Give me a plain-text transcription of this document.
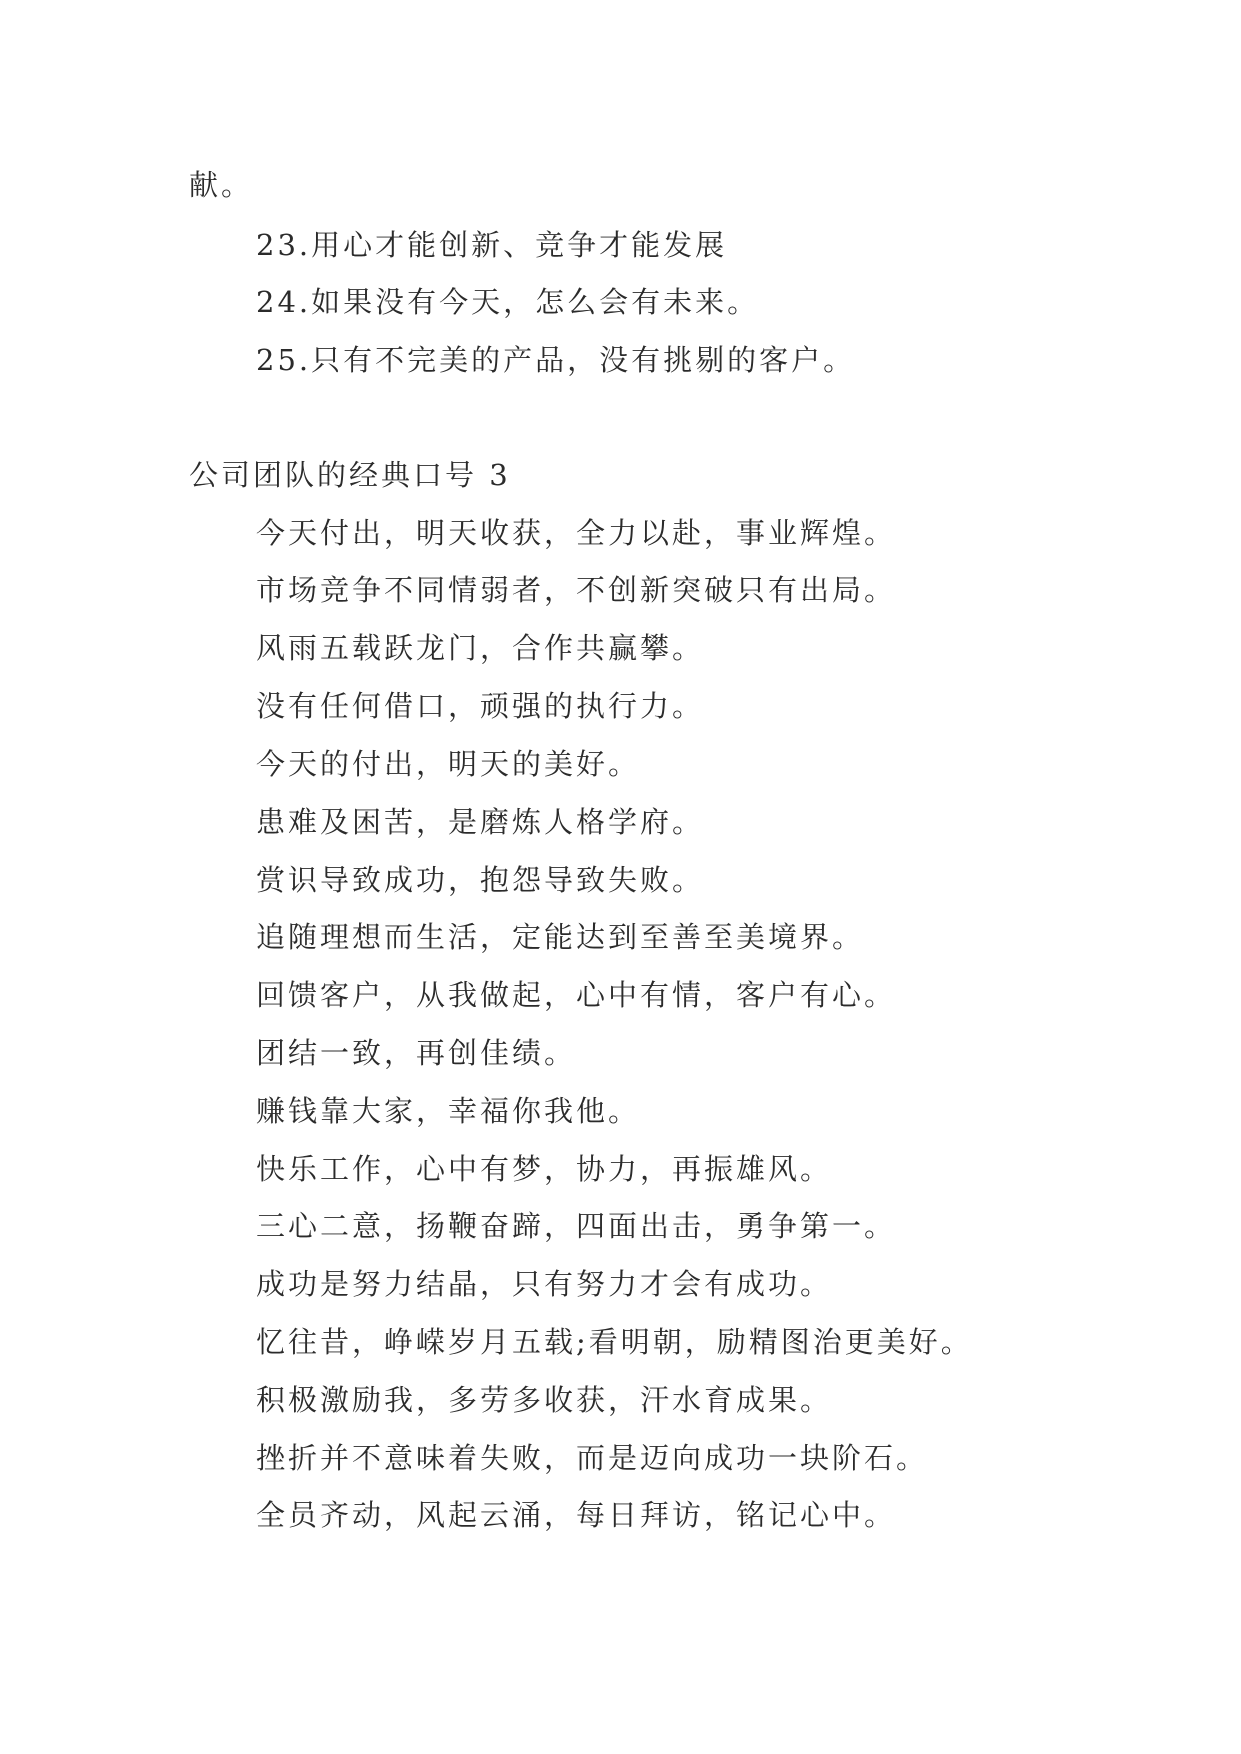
献。
23.用心才能创新、竞争才能发展
24.如果没有今天，怎么会有未来。
25.只有不完美的产品，没有挑剔的客户。
公司团队的经典口号 3
今天付出，明天收获，全力以赴，事业辉煌。
市场竞争不同情弱者，不创新突破只有出局。
风雨五载跃龙门，合作共赢攀。
没有任何借口，顽强的执行力。
今天的付出，明天的美好。
患难及困苦，是磨炼人格学府。
赏识导致成功，抱怨导致失败。
追随理想而生活，定能达到至善至美境界。
回馈客户，从我做起，心中有情，客户有心。
团结一致，再创佳绩。
赚钱靠大家，幸福你我他。
快乐工作，心中有梦，协力，再振雄风。
三心二意，扬鞭奋蹄，四面出击，勇争第一。
成功是努力结晶，只有努力才会有成功。
忆往昔，峥嵘岁月五载;看明朝，励精图治更美好。
积极激励我，多劳多收获，汗水育成果。
挫折并不意味着失败，而是迈向成功一块阶石。
全员齐动，风起云涌，每日拜访，铭记心中。
